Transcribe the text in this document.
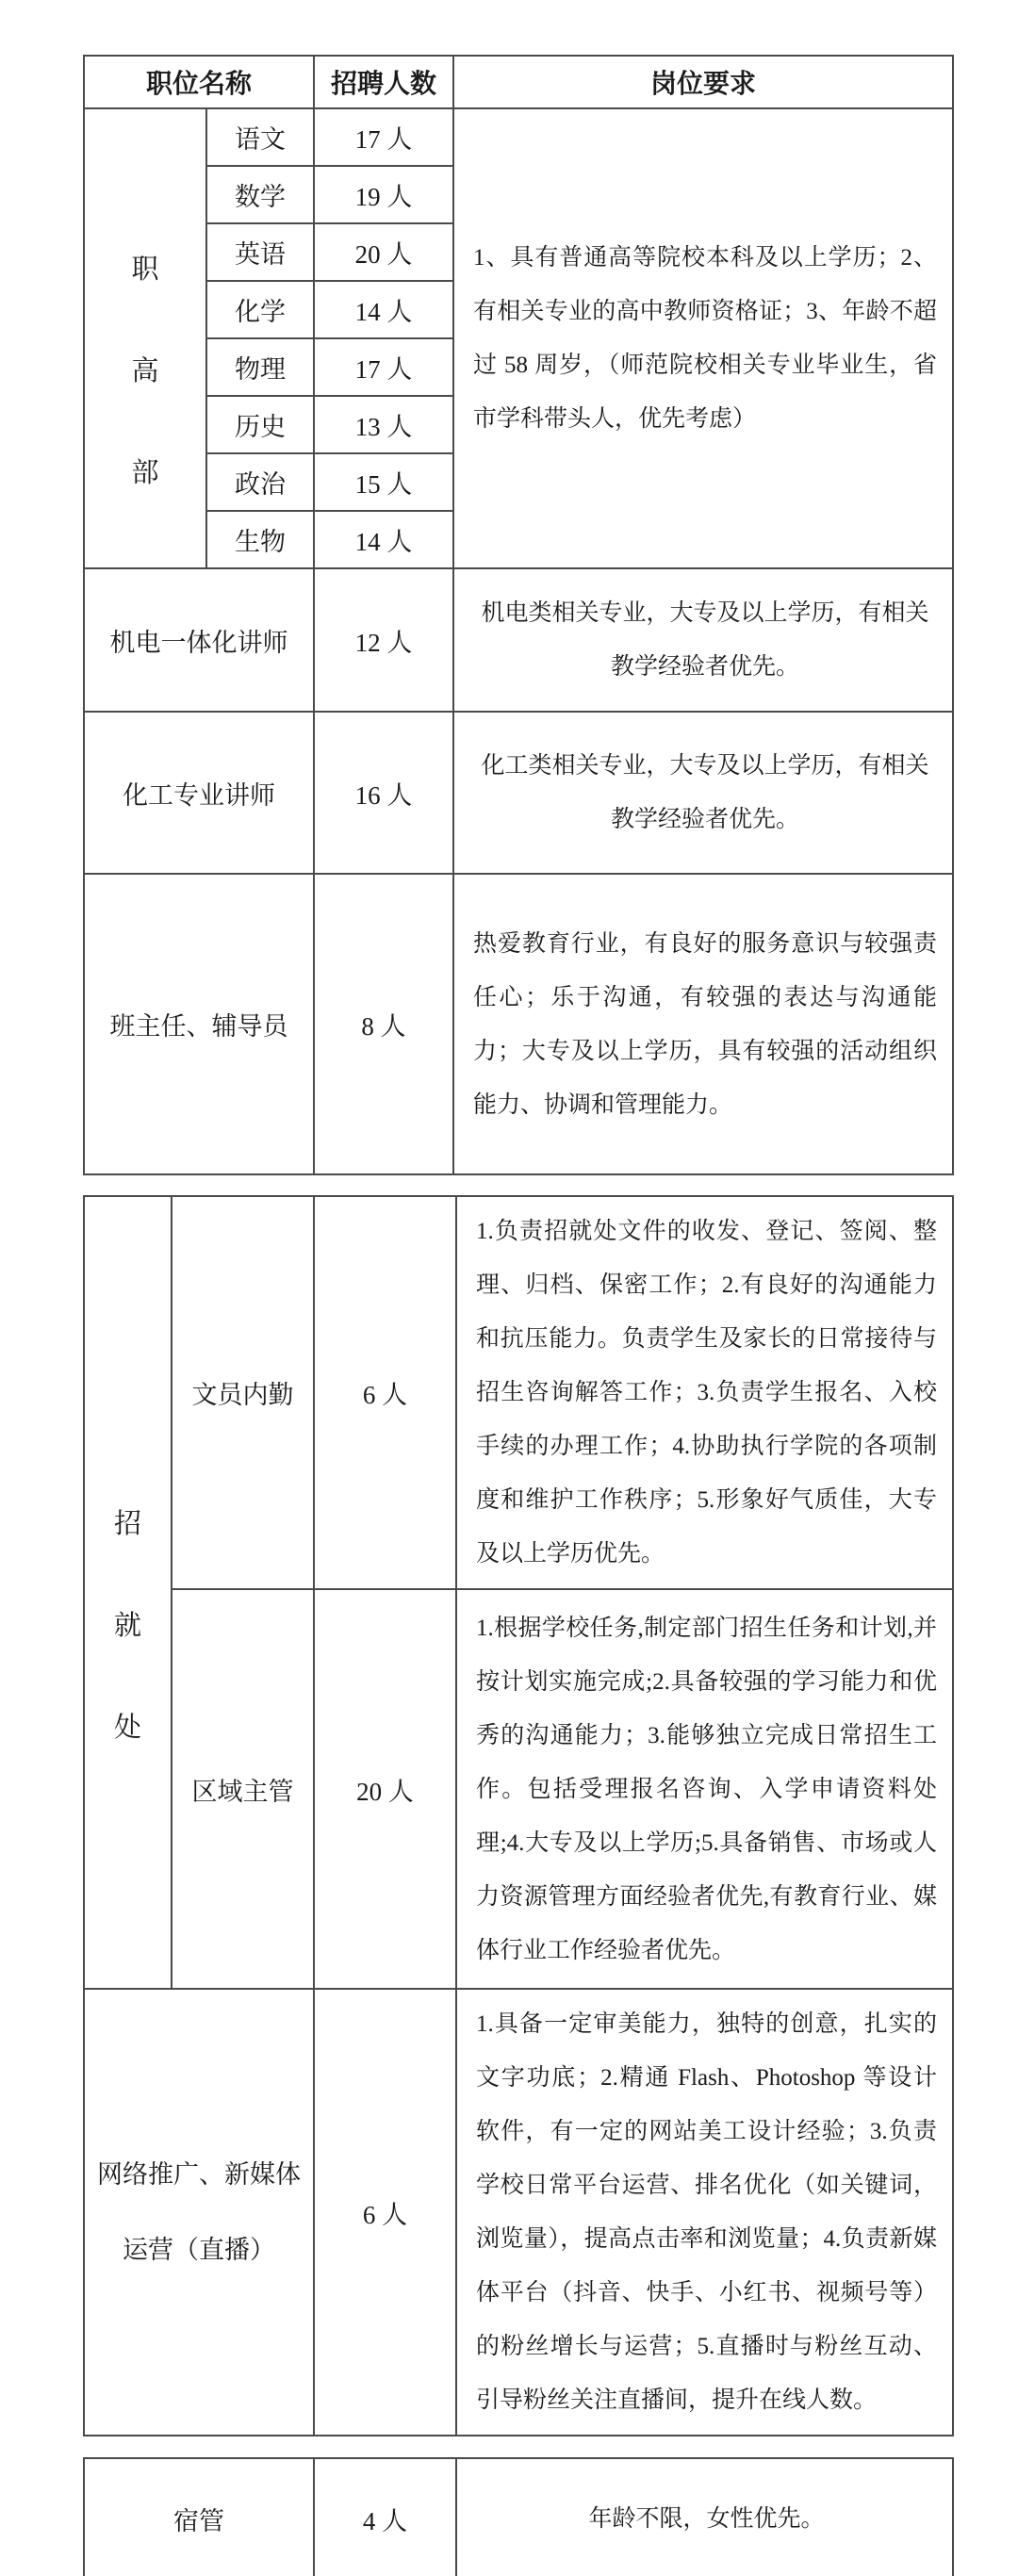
职位名称		招聘人数	岗位要求

职
高
部	语文	17 人	1、具有普通高等院校本科及以上学历；2、有相关专业的高中教师资格证；3、年龄不超过 58 周岁，（师范院校相关专业毕业生，省市学科带头人，优先考虑）
	数学	19 人	
	英语	20 人	
	化学	14 人	
	物理	17 人	
	历史	13 人	
	政治	15 人	
	生物	14 人	
机电一体化讲师		12 人	机电类相关专业，大专及以上学历，有相关教学经验者优先。
化工专业讲师		16 人	化工类相关专业，大专及以上学历，有相关教学经验者优先。
班主任、辅导员		8 人	热爱教育行业，有良好的服务意识与较强责任心；乐于沟通，有较强的表达与沟通能力；大专及以上学历，具有较强的活动组织能力、协调和管理能力。
招
就
处	文员内勤	6 人	1.负责招就处文件的收发、登记、签阅、整理、归档、保密工作；2.有良好的沟通能力和抗压能力。负责学生及家长的日常接待与招生咨询解答工作；3.负责学生报名、入校手续的办理工作；4.协助执行学院的各项制度和维护工作秩序；5.形象好气质佳，大专及以上学历优先。
	区域主管	20 人	1.根据学校任务,制定部门招生任务和计划,并按计划实施完成;2.具备较强的学习能力和优秀的沟通能力；3.能够独立完成日常招生工作。包括受理报名咨询、入学申请资料处理;4.大专及以上学历;5.具备销售、市场或人力资源管理方面经验者优先,有教育行业、媒体行业工作经验者优先。

网络推广、新媒体
运营（直播）		6 人	1.具备一定审美能力，独特的创意，扎实的文字功底；2.精通 Flash、Photoshop 等设计软件，有一定的网站美工设计经验；3.负责学校日常平台运营、排名优化（如关键词，浏览量），提高点击率和浏览量；4.负责新媒体平台（抖音、快手、小红书、视频号等）的粉丝增长与运营；5.直播时与粉丝互动、引导粉丝关注直播间，提升在线人数。
宿管	4 人	年龄不限，女性优先。
